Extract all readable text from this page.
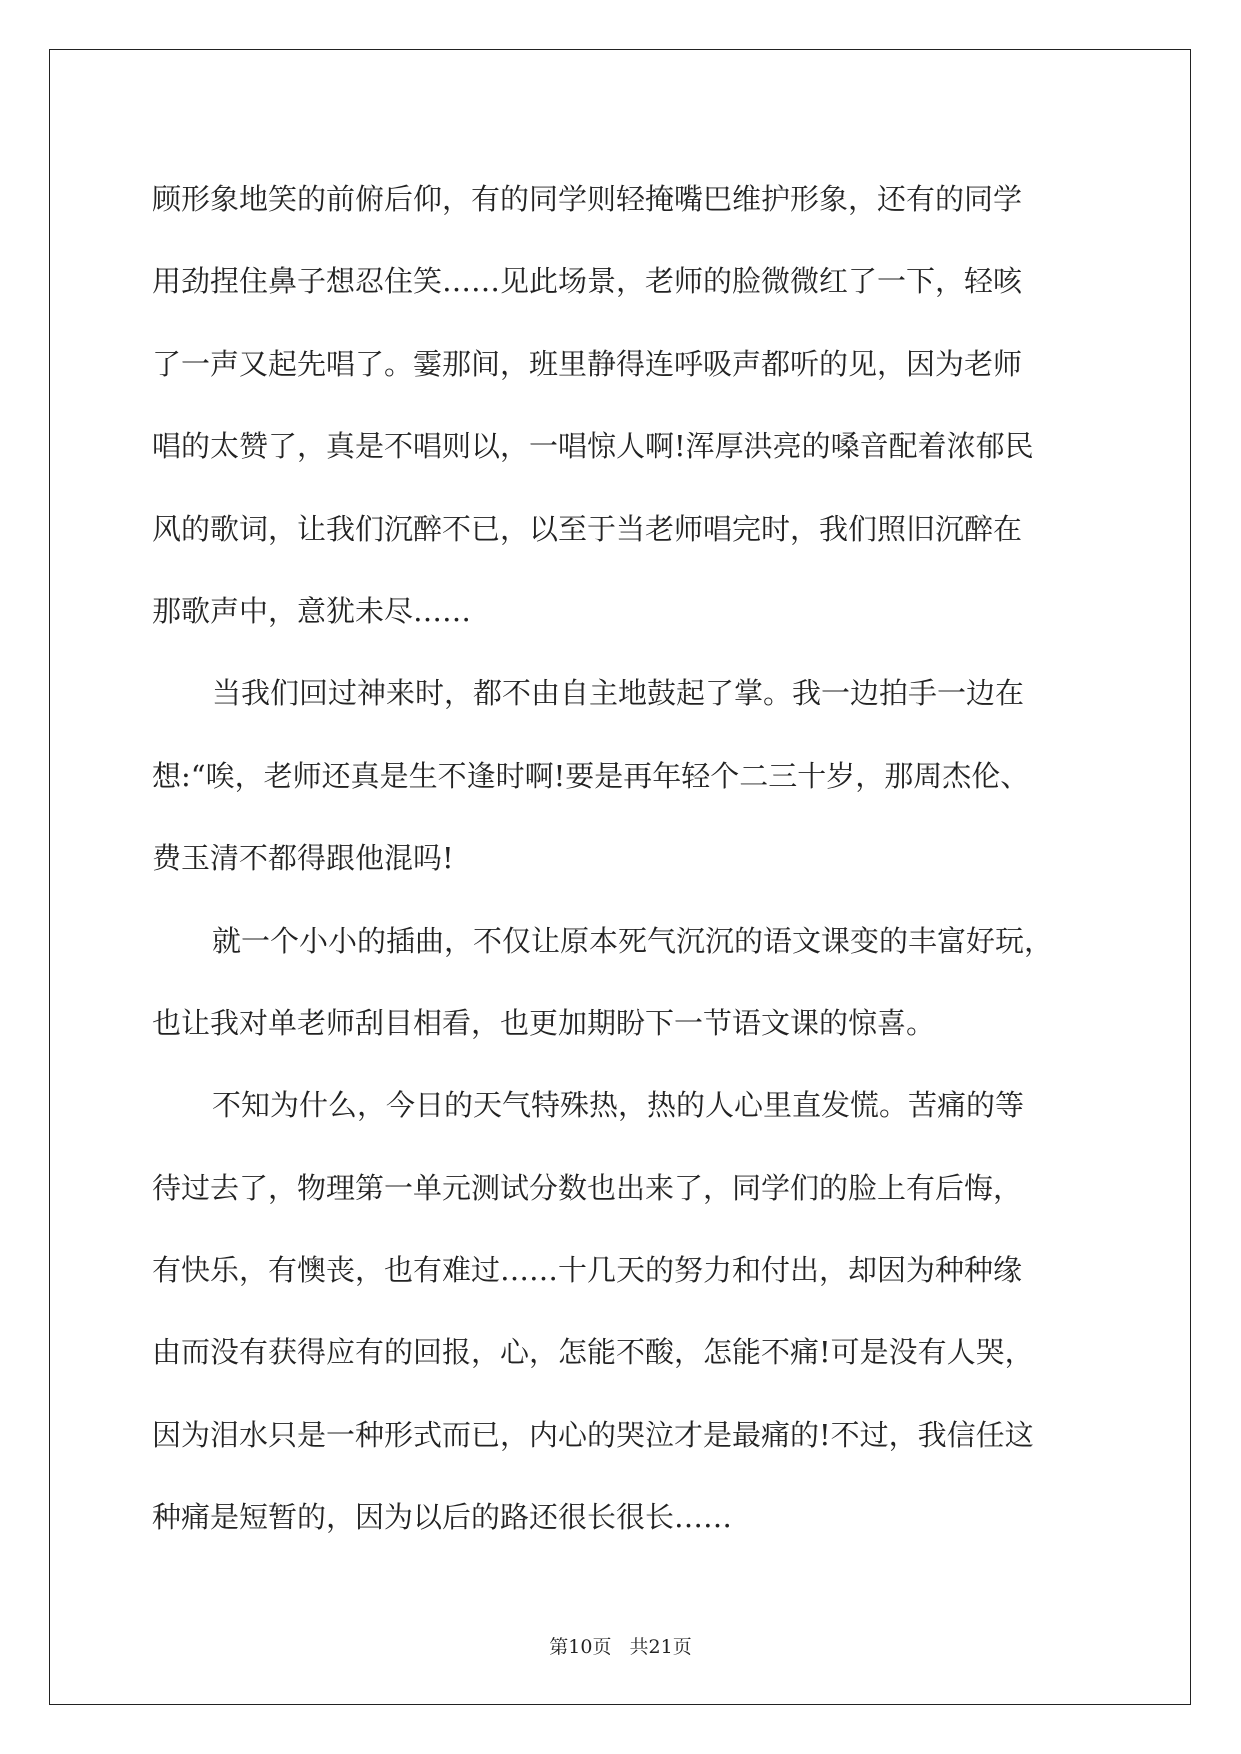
顾形象地笑的前俯后仰，有的同学则轻掩嘴巴维护形象，还有的同学
用劲捏住鼻子想忍住笑……见此场景，老师的脸微微红了一下，轻咳
了一声又起先唱了。霎那间，班里静得连呼吸声都听的见，因为老师
唱的太赞了，真是不唱则以，一唱惊人啊!浑厚洪亮的嗓音配着浓郁民
风的歌词，让我们沉醉不已，以至于当老师唱完时，我们照旧沉醉在
那歌声中，意犹未尽……
当我们回过神来时，都不由自主地鼓起了掌。我一边拍手一边在
想:“唉，老师还真是生不逢时啊!要是再年轻个二三十岁，那周杰伦、
费玉清不都得跟他混吗!
就一个小小的插曲，不仅让原本死气沉沉的语文课变的丰富好玩，
也让我对单老师刮目相看，也更加期盼下一节语文课的惊喜。
不知为什么，今日的天气特殊热，热的人心里直发慌。苦痛的等
待过去了，物理第一单元测试分数也出来了，同学们的脸上有后悔，
有快乐，有懊丧，也有难过……十几天的努力和付出，却因为种种缘
由而没有获得应有的回报，心，怎能不酸，怎能不痛!可是没有人哭，
因为泪水只是一种形式而已，内心的哭泣才是最痛的!不过，我信任这
种痛是短暂的，因为以后的路还很长很长……
第10页 共21页
